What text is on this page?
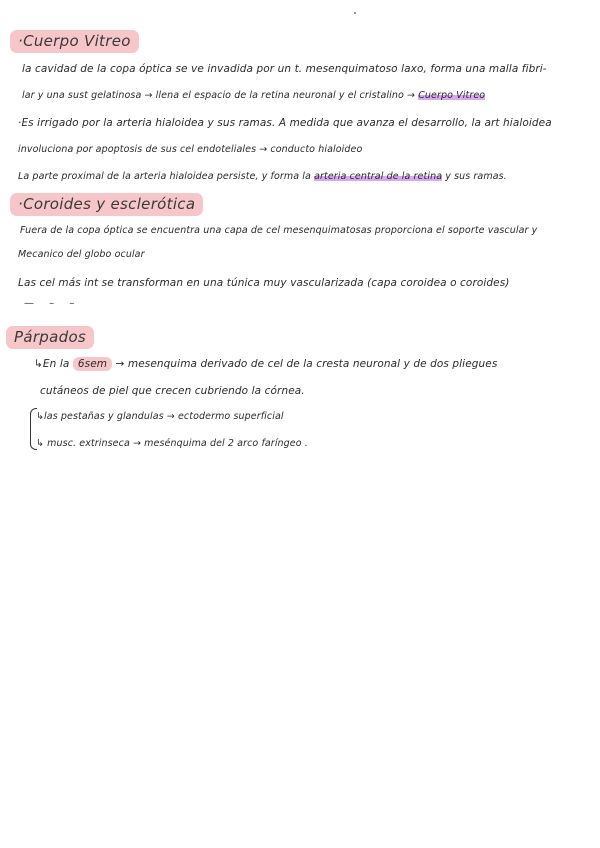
·Cuerpo Vitreo
la cavidad de la copa óptica se ve invadida por un t. mesenquimatoso laxo, forma una malla fibri-
lar y una sust gelatinosa → llena el espacio de la retina neuronal y el cristalino → Cuerpo Vitreo
·Es irrigado por la arteria hialoidea y sus ramas. A medida que avanza el desarrollo, la art hialoidea
involuciona por apoptosis de sus cel endoteliales → conducto hialoideo
La parte proximal de la arteria hialoidea persiste, y forma la arteria central de la retina y sus ramas.
·Coroides y esclerótica
Fuera de la copa óptica se encuentra una capa de cel mesenquimatosas proporciona el soporte vascular y
Mecanico del globo ocular
Las cel más int se transforman en una túnica muy vascularizada (capa coroidea o coroides)
— – –
Párpados
↳En la 6sem → mesenquima derivado de cel de la cresta neuronal y de dos pliegues
cutáneos de piel que crecen cubriendo la córnea.
↳las pestañas y glandulas → ectodermo superficial
↳ musc. extrinseca → mesénquima del 2 arco faríngeo .
